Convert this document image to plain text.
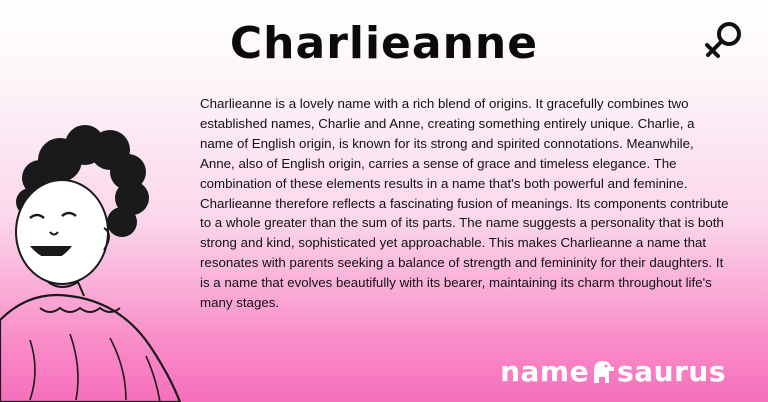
Charlieanne

Charlieanne is a lovely name with a rich blend of origins. It gracefully combines two established names, Charlie and Anne, creating something entirely unique. Charlie, a name of English origin, is known for its strong and spirited connotations. Meanwhile, Anne, also of English origin, carries a sense of grace and timeless elegance. The combination of these elements results in a name that's both powerful and feminine. Charlieanne therefore reflects a fascinating fusion of meanings. Its components contribute to a whole greater than the sum of its parts. The name suggests a personality that is both strong and kind, sophisticated yet approachable. This makes Charlieanne a name that resonates with parents seeking a balance of strength and femininity for their daughters. It is a name that evolves beautifully with its bearer, maintaining its charm throughout life's many stages.

name saurus
